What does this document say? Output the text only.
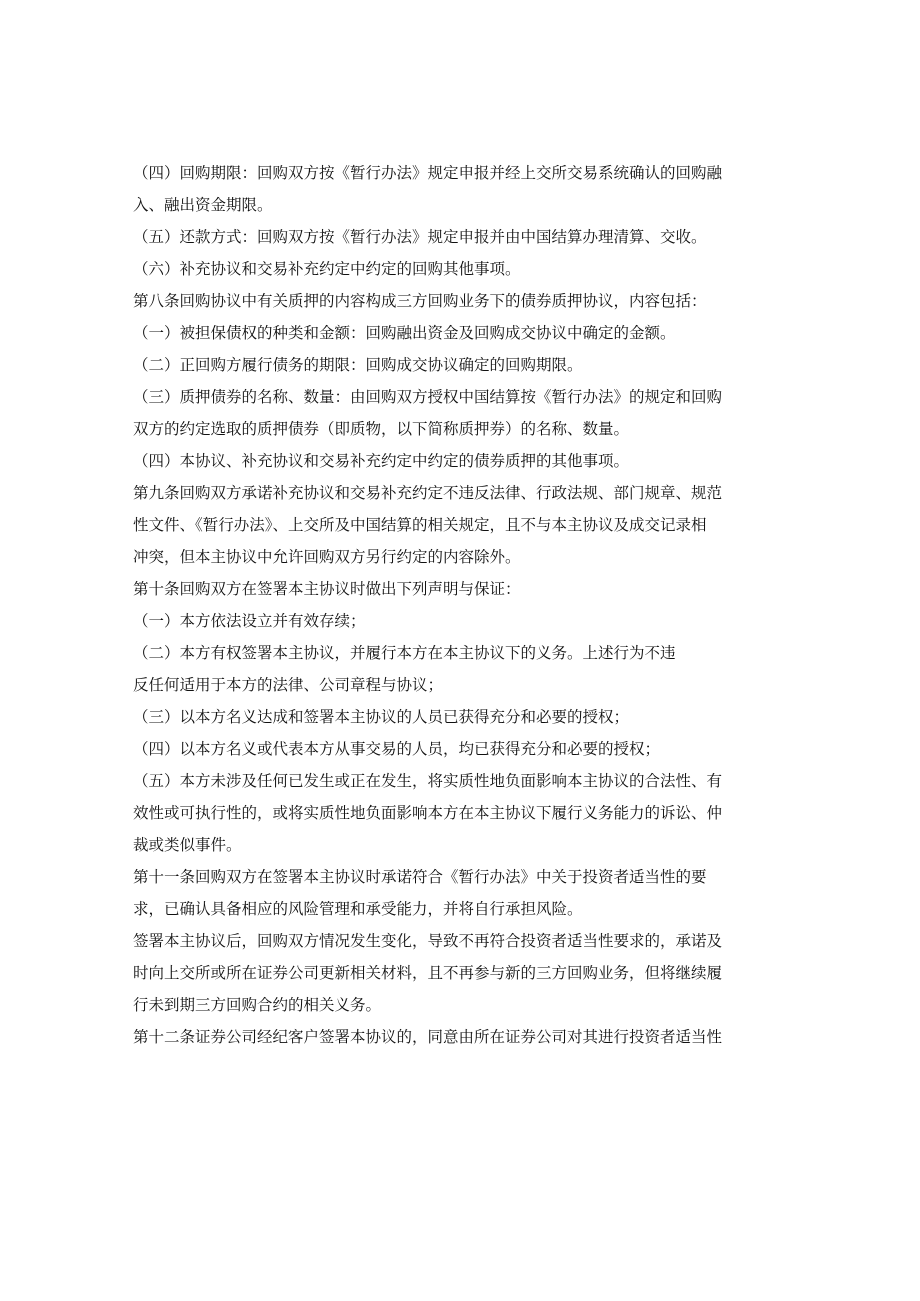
（四）回购期限：回购双方按《暂行办法》规定申报并经上交所交易系统确认的回购融
入、融出资金期限。
（五）还款方式：回购双方按《暂行办法》规定申报并由中国结算办理清算、交收。
（六）补充协议和交易补充约定中约定的回购其他事项。
第八条回购协议中有关质押的内容构成三方回购业务下的债券质押协议，内容包括：
（一）被担保债权的种类和金额：回购融出资金及回购成交协议中确定的金额。
（二）正回购方履行债务的期限：回购成交协议确定的回购期限。
（三）质押债券的名称、数量：由回购双方授权中国结算按《暂行办法》的规定和回购
双方的约定选取的质押债券（即质物，以下简称质押券）的名称、数量。
（四）本协议、补充协议和交易补充约定中约定的债券质押的其他事项。
第九条回购双方承诺补充协议和交易补充约定不违反法律、行政法规、部门规章、规范
性文件、《暂行办法》、上交所及中国结算的相关规定，且不与本主协议及成交记录相
冲突，但本主协议中允许回购双方另行约定的内容除外。
第十条回购双方在签署本主协议时做出下列声明与保证：
（一）本方依法设立并有效存续；
（二）本方有权签署本主协议，并履行本方在本主协议下的义务。上述行为不违
反任何适用于本方的法律、公司章程与协议；
（三）以本方名义达成和签署本主协议的人员已获得充分和必要的授权；
（四）以本方名义或代表本方从事交易的人员，均已获得充分和必要的授权；
（五）本方未涉及任何已发生或正在发生，将实质性地负面影响本主协议的合法性、有
效性或可执行性的，或将实质性地负面影响本方在本主协议下履行义务能力的诉讼、仲
裁或类似事件。
第十一条回购双方在签署本主协议时承诺符合《暂行办法》中关于投资者适当性的要
求，已确认具备相应的风险管理和承受能力，并将自行承担风险。
签署本主协议后，回购双方情况发生变化，导致不再符合投资者适当性要求的，承诺及
时向上交所或所在证券公司更新相关材料，且不再参与新的三方回购业务，但将继续履
行未到期三方回购合约的相关义务。
第十二条证券公司经纪客户签署本协议的，同意由所在证券公司对其进行投资者适当性
